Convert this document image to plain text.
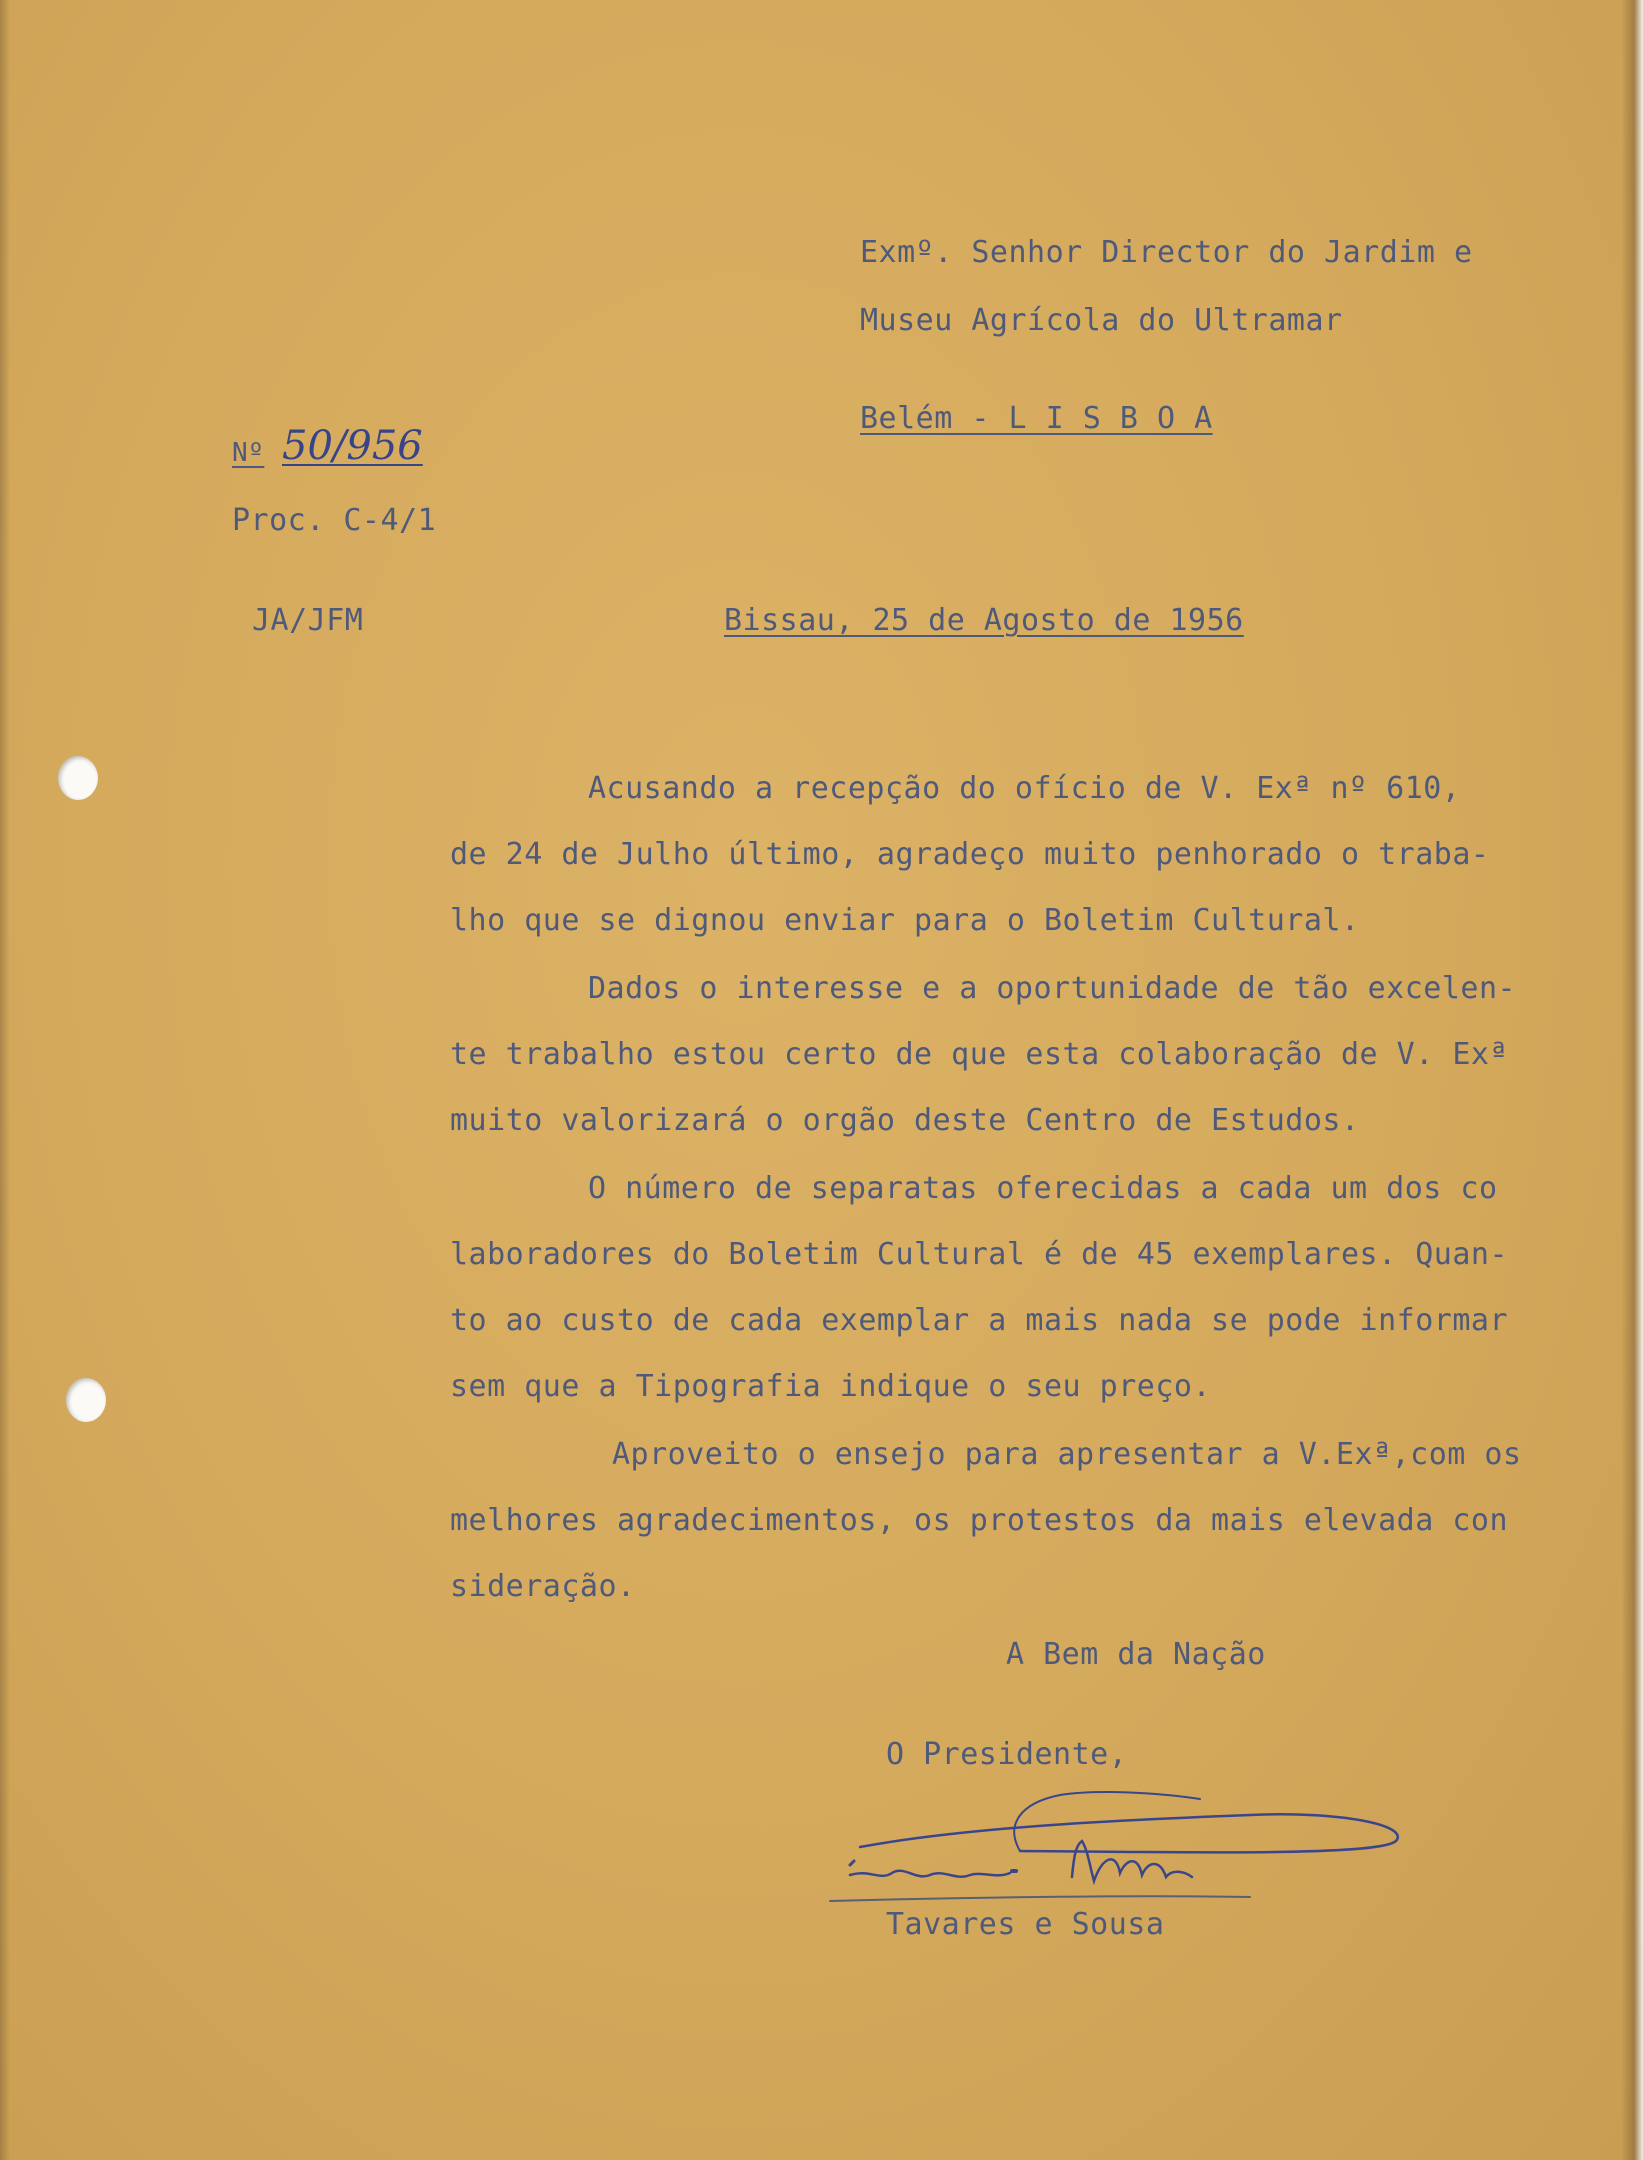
Exmº. Senhor Director do Jardim e
Museu Agrícola do Ultramar
Belém - L I S B O A
Nº 50/956
Proc. C-4/1
JA/JFM	Bissau, 25 de Agosto de 1956
Acusando a recepção do ofício de V. Exª nº 610,
de 24 de Julho último, agradeço muito penhorado o traba-
lho que se dignou enviar para o Boletim Cultural.
Dados o interesse e a oportunidade de tão excelen-
te trabalho estou certo de que esta colaboração de V. Exª
muito valorizará o orgão deste Centro de Estudos.
O número de separatas oferecidas a cada um dos co
laboradores do Boletim Cultural é de 45 exemplares. Quan-
to ao custo de cada exemplar a mais nada se pode informar
sem que a Tipografia indique o seu preço.
Aproveito o ensejo para apresentar a V.Exª,com os
melhores agradecimentos, os protestos da mais elevada con
sideração.
A Bem da Nação
O Presidente,
Tavares e Sousa
